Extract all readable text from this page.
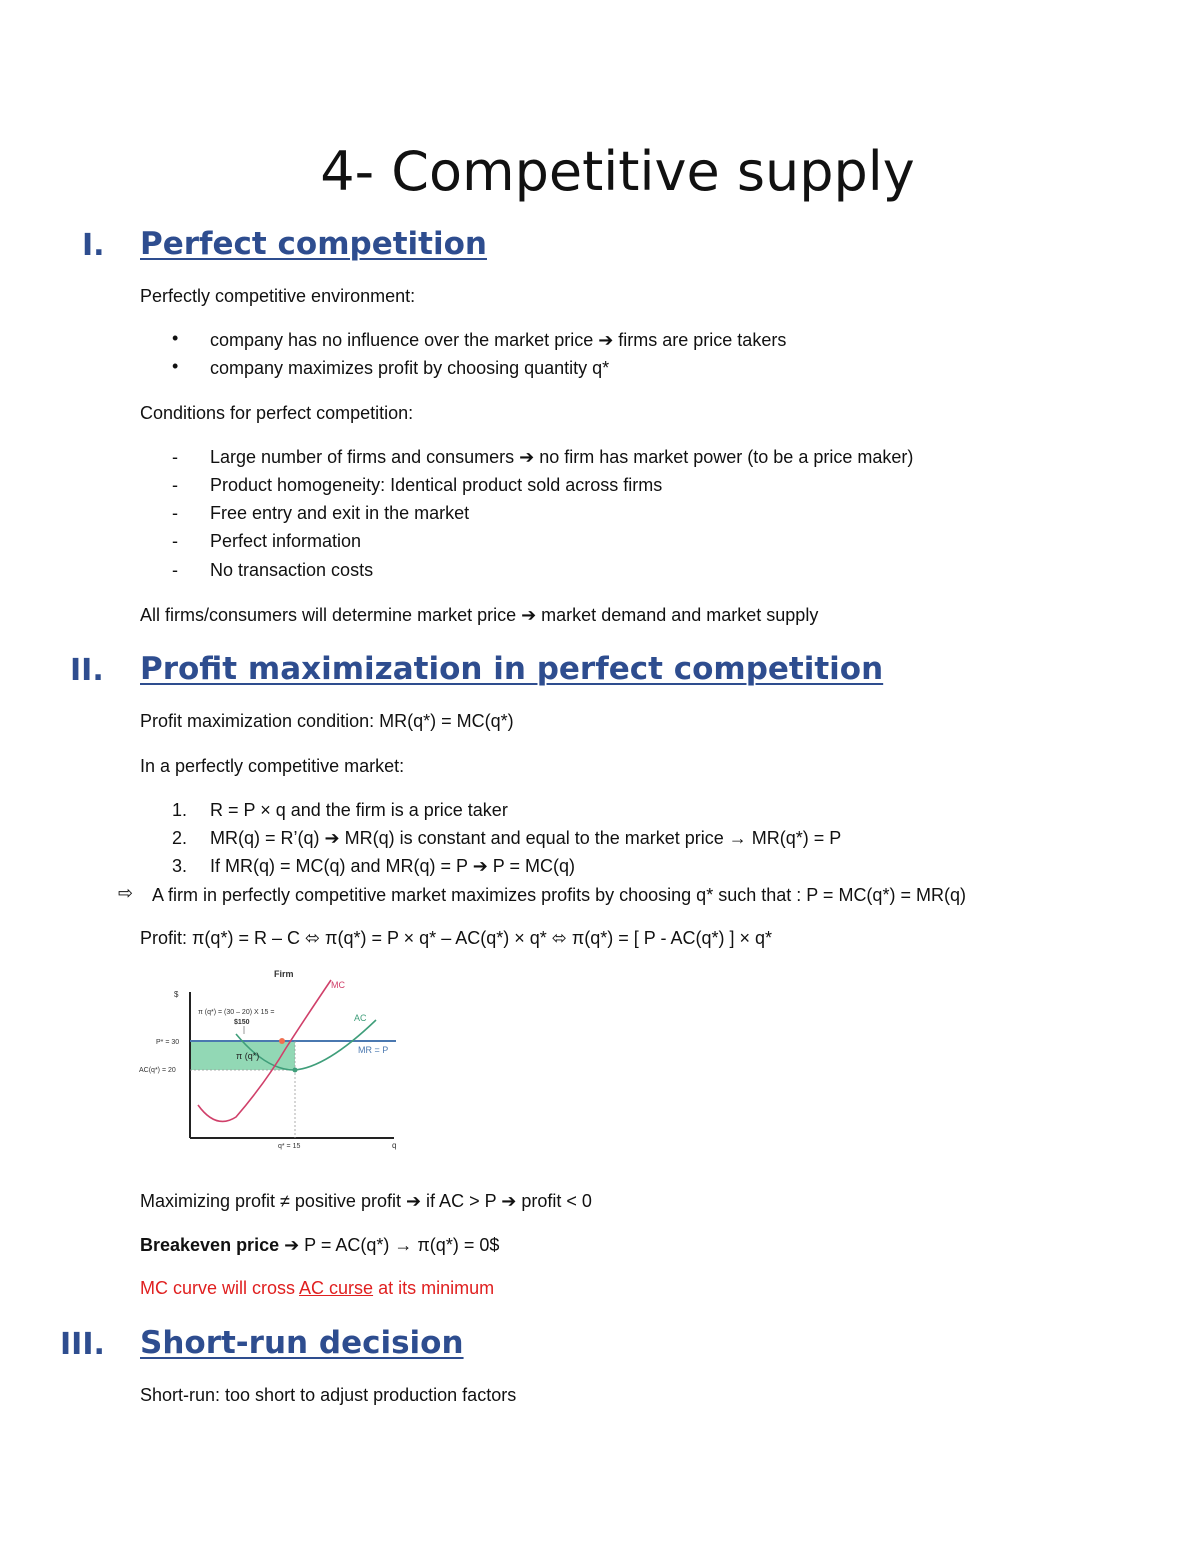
4- Competitive supply
I. Perfect competition
Perfectly competitive environment:
• company has no influence over the market price ➔ firms are price takers
• company maximizes profit by choosing quantity q*
Conditions for perfect competition:
- Large number of firms and consumers ➔ no firm has market power (to be a price maker)
- Product homogeneity: Identical product sold across firms
- Free entry and exit in the market
- Perfect information
- No transaction costs
All firms/consumers will determine market price ➔ market demand and market supply
II. Profit maximization in perfect competition
Profit maximization condition: MR(q*) = MC(q*)
In a perfectly competitive market:
1. R = P × q and the firm is a price taker
2. MR(q) = R’(q) ➔ MR(q) is constant and equal to the market price → MR(q*) = P
3. If MR(q) = MC(q) and MR(q) = P ➔ P = MC(q)
⇨ A firm in perfectly competitive market maximizes profits by choosing q* such that : P = MC(q*) = MR(q)
Profit: π(q*) = R – C ⬄ π(q*) = P × q* – AC(q*) × q* ⬄ π(q*) = [ P - AC(q*) ] × q*
Firm
$
q
MC
AC
MR = P
π (q*)
π (q*) = (30 – 20) X 15 =
$150
P* = 30
AC(q*) = 20
q* = 15
Maximizing profit ≠ positive profit ➔ if AC > P ➔ profit < 0
Breakeven price ➔ P = AC(q*) → π(q*) = 0$
MC curve will cross AC curse at its minimum
III. Short-run decision
Short-run: too short to adjust production factors
